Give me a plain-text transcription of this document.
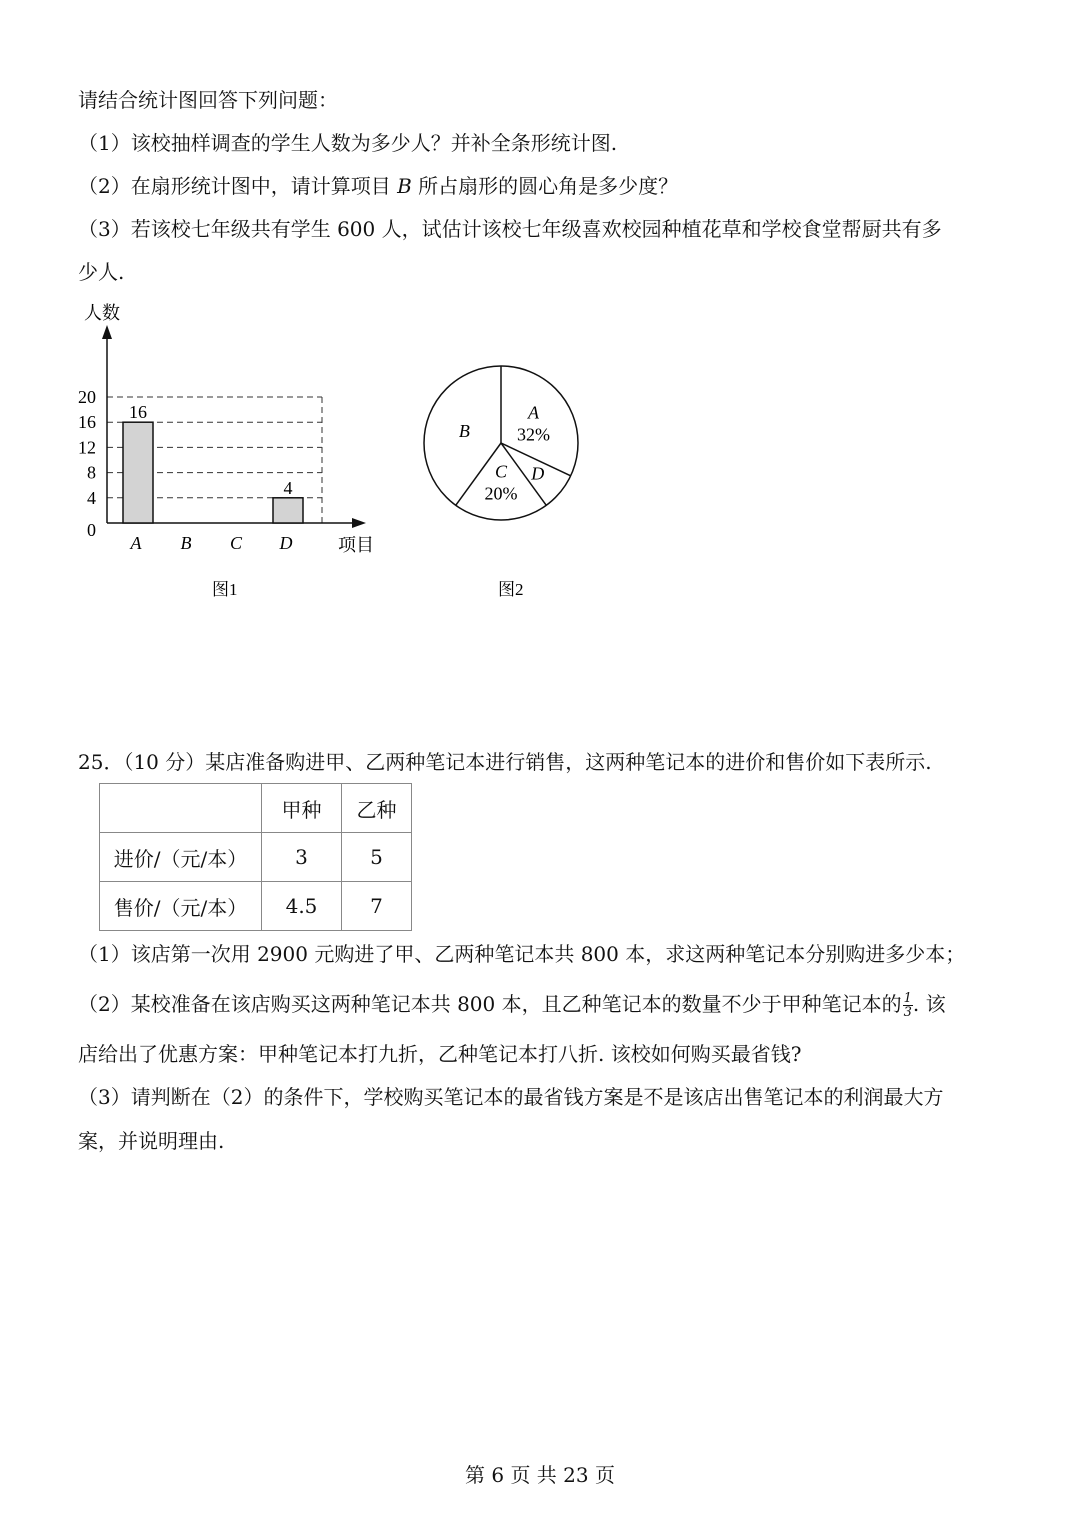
请结合统计图回答下列问题：
（1）该校抽样调查的学生人数为多少人？并补全条形统计图.
（2）在扇形统计图中，请计算项目 B 所占扇形的圆心角是多少度？
（3）若该校七年级共有学生 600 人，试估计该校七年级喜欢校园种植花草和学校食堂帮厨共有多
少人.
人数
项目
0
4
8
12
16
20
16
4
A B C D
图1
A
32%
D
C
20%
B
图2
25．（10 分）某店准备购进甲、乙两种笔记本进行销售，这两种笔记本的进价和售价如下表所示.
	甲种	乙种
进价/（元/本）	3	5
售价/（元/本）	4.5	7
（1）该店第一次用 2900 元购进了甲、乙两种笔记本共 800 本，求这两种笔记本分别购进多少本；
（2）某校准备在该店购买这两种笔记本共 800 本，且乙种笔记本的数量不少于甲种笔记本的 $\frac{1}{3}$ . 该
店给出了优惠方案：甲种笔记本打九折，乙种笔记本打八折. 该校如何购买最省钱?
（3）请判断在（2）的条件下，学校购买笔记本的最省钱方案是不是该店出售笔记本的利润最大方
案，并说明理由.
第 6 页 共 23 页
